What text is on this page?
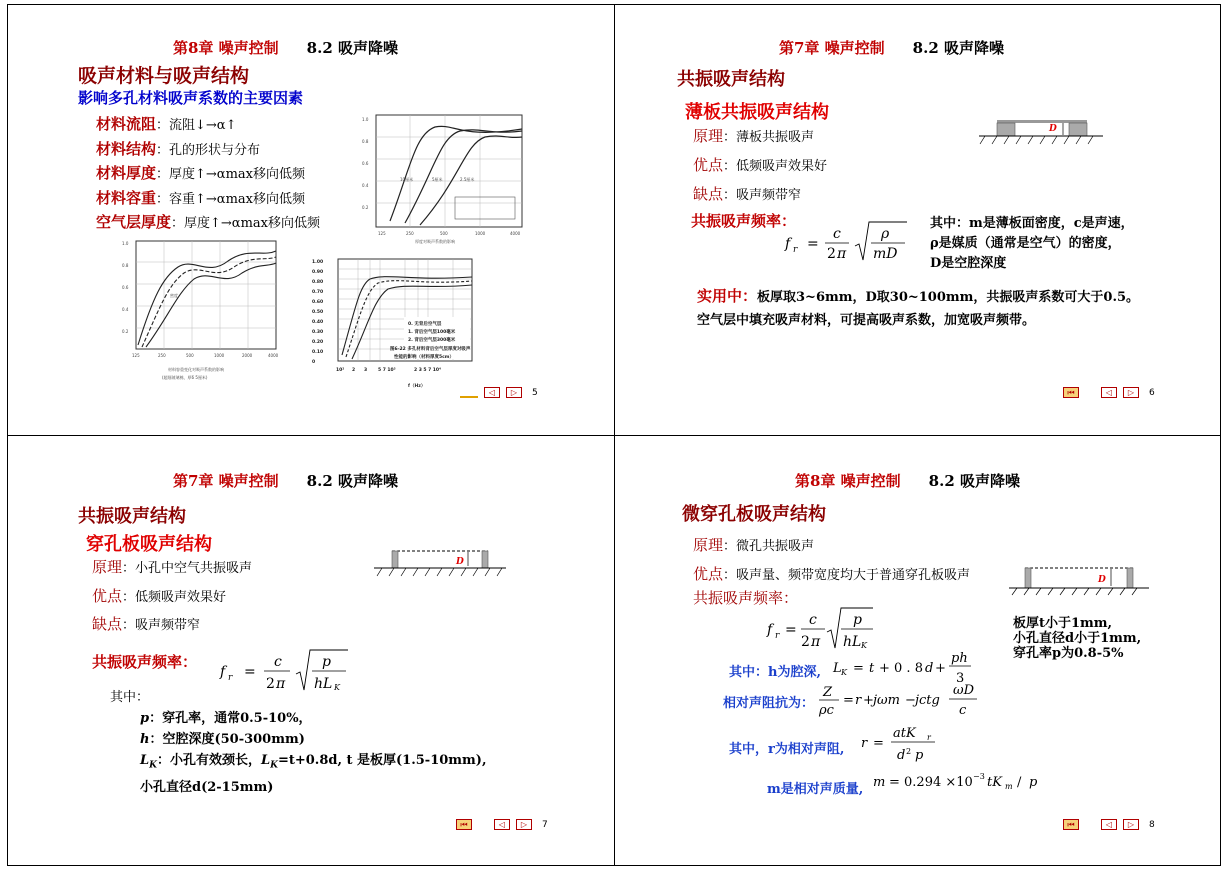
第8章 噪声控制 8.2 吸声降噪
吸声材料与吸声结构
影响多孔材料吸声系数的主要因素
材料流阻：流阻↓→α↑
材料结构：孔的形状与分布
材料厚度：厚度↑→αmax移向低频
材料容重：容重↑→αmax移向低频
空气层厚度：厚度↑→αmax移向低频
1.0
0.8
0.6
0.4
0.2
125	250	500	1000	4000
厚度对吸声系数的影响
10厘米	5厘米	2.5厘米
1.0
0.8
0.6
0.4
0.2
125	250	500	1000	2000	4000
密度
材料容重变化对吸声系数的影响
(超细玻璃棉，厚6 5厘米)
1.00
0.90
0.80
0.70
0.60
0.50
0.40
0.30
0.20
0.10
0
10² 2 3 5 7 10³	2 3 5 7 10⁴
0. 无背后空气层
1. 背后空气层100毫米
2. 背后空气层300毫米
图6-22 多孔材料背后空气层厚度对吸声
性能的影响（材料厚度5cm）
f（Hz）
◁ ▷ 5
第7章 噪声控制 8.2 吸声降噪
共振吸声结构
薄板共振吸声结构
原理：薄板共振吸声
优点：低频吸声效果好
缺点：吸声频带窄
共振吸声频率：
f r =
c
2 π
ρ
mD
其中：m是薄板面密度，c是声速，
ρ是媒质（通常是空气）的密度，
D是空腔深度
D
实用中：板厚取3~6mm，D取30~100mm，共振吸声系数可大于0.5。
空气层中填充吸声材料，可提高吸声系数，加宽吸声频带。
⏮	◁ ▷ 6
第7章 噪声控制 8.2 吸声降噪
共振吸声结构
穿孔板吸声结构
原理：小孔中空气共振吸声
优点：低频吸声效果好
缺点：吸声频带窄
D
共振吸声频率：
f r =
c
2 π
p
hL K
其中：
p：穿孔率，通常0.5-10%，
h：空腔深度(50-300mm)
$L_K$：小孔有效颈长，$L_K=t+0.8d$, t 是板厚(1.5-10mm),
小孔直径d(2-15mm)
⏮	◁ ▷ 7
第8章 噪声控制 8.2 吸声降噪
微穿孔板吸声结构
原理：微孔共振吸声
优点：吸声量、频带宽度均大于普通穿孔板吸声
共振吸声频率：
D
f r =
c
2 π
p
hL K
板厚t小于1mm,
小孔直径d小于1mm,
穿孔率p为0.8-5%
其中：h为腔深, L K = t + 0 . 8 d +
ph
3
相对声阻抗为：
Z
ρc
= r + jωm − jctg
ωD
c
其中，r为相对声阻, r =
atK r
d 2 p
m是相对声质量, m = 0.294 ×10 −3 tK m / p
⏮	◁ ▷ 8
